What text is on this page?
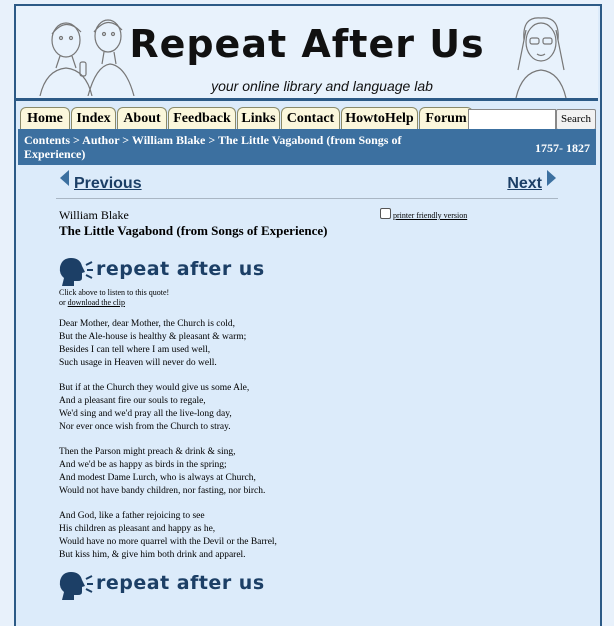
Repeat After Us
your online library and language lab
Home Index About Feedback Links Contact HowtoHelp Forum	Search
Contents > Author > William Blake > The Little Vagabond (from Songs of Experience)	1757- 1827
Previous	Next
William Blake
The Little Vagabond (from Songs of Experience)
printer friendly version
repeat after us
Click above to listen to this quote!
or download the clip
Dear Mother, dear Mother, the Church is cold,
But the Ale-house is healthy & pleasant & warm;
Besides I can tell where I am used well,
Such usage in Heaven will never do well.
But if at the Church they would give us some Ale,
And a pleasant fire our souls to regale,
We'd sing and we'd pray all the live-long day,
Nor ever once wish from the Church to stray.
Then the Parson might preach & drink & sing,
And we'd be as happy as birds in the spring;
And modest Dame Lurch, who is always at Church,
Would not have bandy children, nor fasting, nor birch.
And God, like a father rejoicing to see
His children as pleasant and happy as he,
Would have no more quarrel with the Devil or the Barrel,
But kiss him, & give him both drink and apparel.
repeat after us
